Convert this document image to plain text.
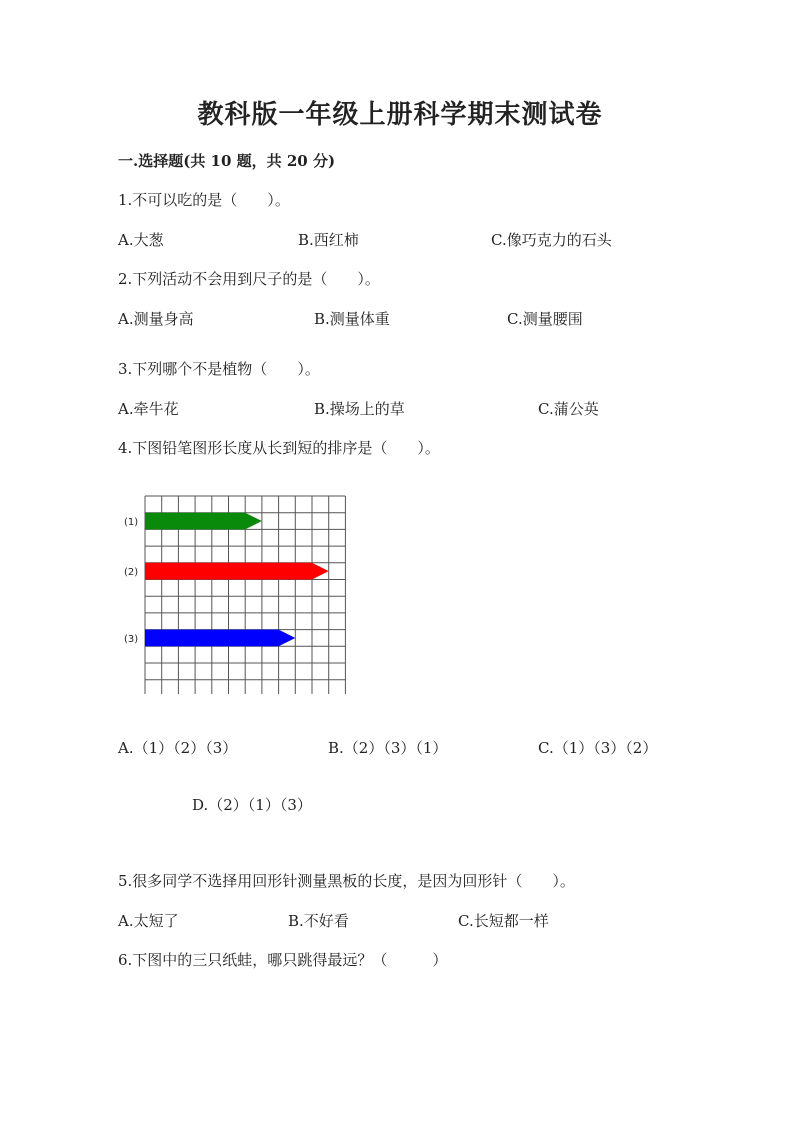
教科版一年级上册科学期末测试卷
一.选择题(共 10 题，共 20 分)
1.不可以吃的是（　　）。
A.大葱	B.西红柿	C.像巧克力的石头
2.下列活动不会用到尺子的是（　　）。
A.测量身高	B.测量体重	C.测量腰围
3.下列哪个不是植物（　　）。
A.牵牛花	B.操场上的草	C.蒲公英
4.下图铅笔图形长度从长到短的排序是（　　）。
(1)
(2)
(3)
A.（1）（2）（3）	B.（2）（3）（1）	C.（1）（3）（2）
D.（2）（1）（3）
5.很多同学不选择用回形针测量黑板的长度，是因为回形针（　　）。
A.太短了	B.不好看	C.长短都一样
6.下图中的三只纸蛙，哪只跳得最远？（　　　）
